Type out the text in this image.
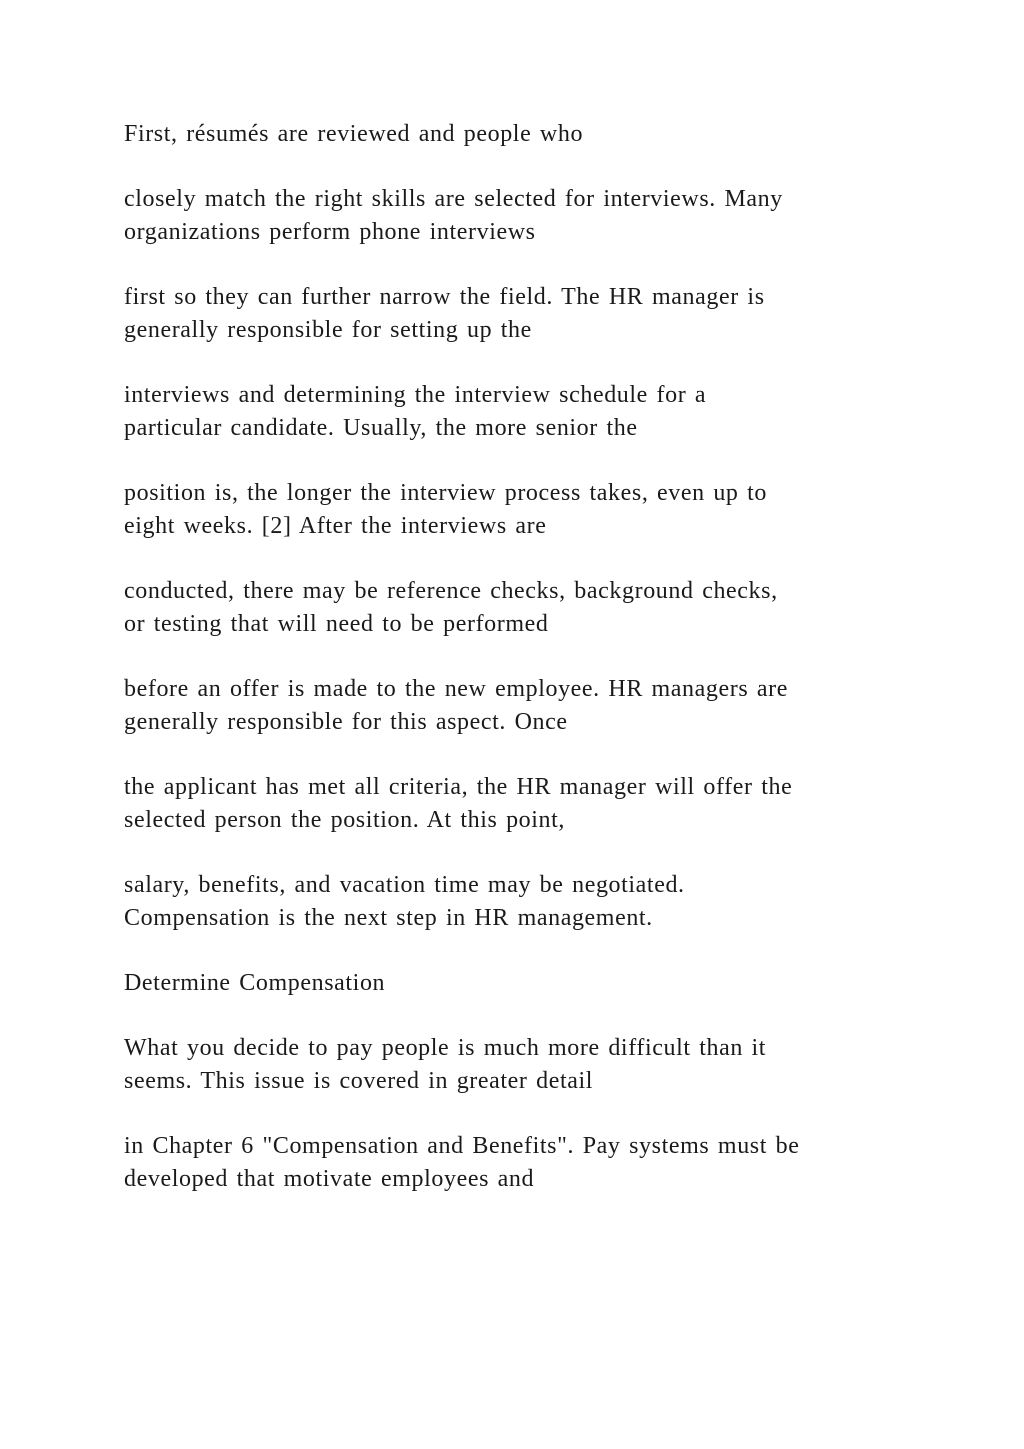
First, résumés are reviewed and people who

closely match the right skills are selected for interviews. Many
organizations perform phone interviews

first so they can further narrow the field. The HR manager is
generally responsible for setting up the

interviews and determining the interview schedule for a
particular candidate. Usually, the more senior the

position is, the longer the interview process takes, even up to
eight weeks. [2] After the interviews are

conducted, there may be reference checks, background checks,
or testing that will need to be performed

before an offer is made to the new employee. HR managers are
generally responsible for this aspect. Once

the applicant has met all criteria, the HR manager will offer the
selected person the position. At this point,

salary, benefits, and vacation time may be negotiated.
Compensation is the next step in HR management.

Determine Compensation

What you decide to pay people is much more difficult than it
seems. This issue is covered in greater detail

in Chapter 6 "Compensation and Benefits". Pay systems must be
developed that motivate employees and
